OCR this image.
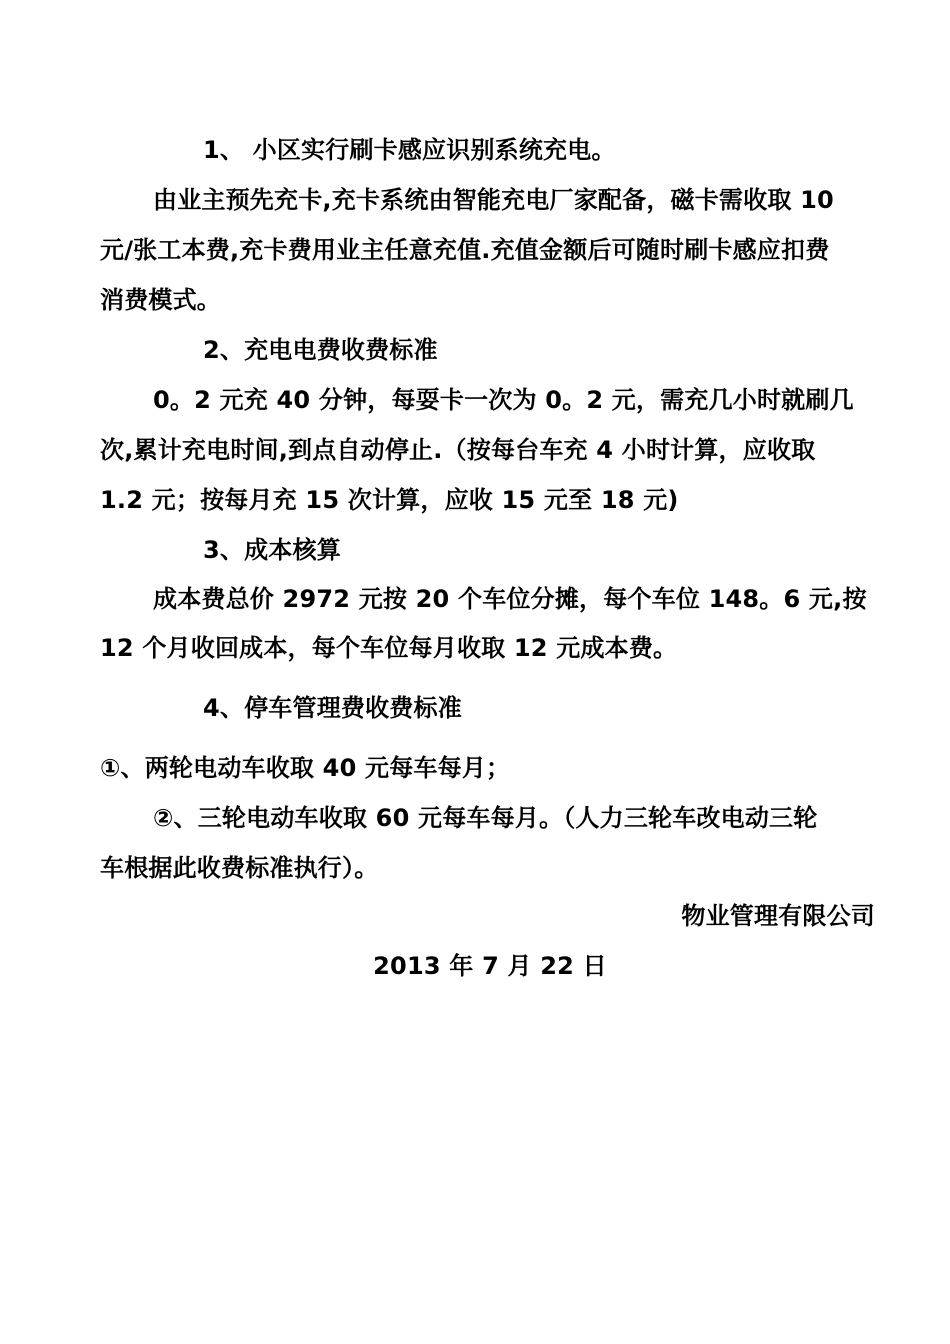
1、 小区实行刷卡感应识别系统充电。
由业主预先充卡,充卡系统由智能充电厂家配备，磁卡需收取 10
元/张工本费,充卡费用业主任意充值.充值金额后可随时刷卡感应扣费
消费模式。
2、充电电费收费标准
0。2 元充 40 分钟，每耍卡一次为 0。2 元，需充几小时就刷几
次,累计充电时间,到点自动停止.（按每台车充 4 小时计算，应收取
1.2 元；按每月充 15 次计算，应收 15 元至 18 元)
3、成本核算
成本费总价 2972 元按 20 个车位分摊，每个车位 148。6 元,按
12 个月收回成本，每个车位每月收取 12 元成本费。
4、停车管理费收费标准
①、两轮电动车收取 40 元每车每月；
②、三轮电动车收取 60 元每车每月。（人力三轮车改电动三轮
车根据此收费标准执行）。
物业管理有限公司
2013 年 7 月 22 日
